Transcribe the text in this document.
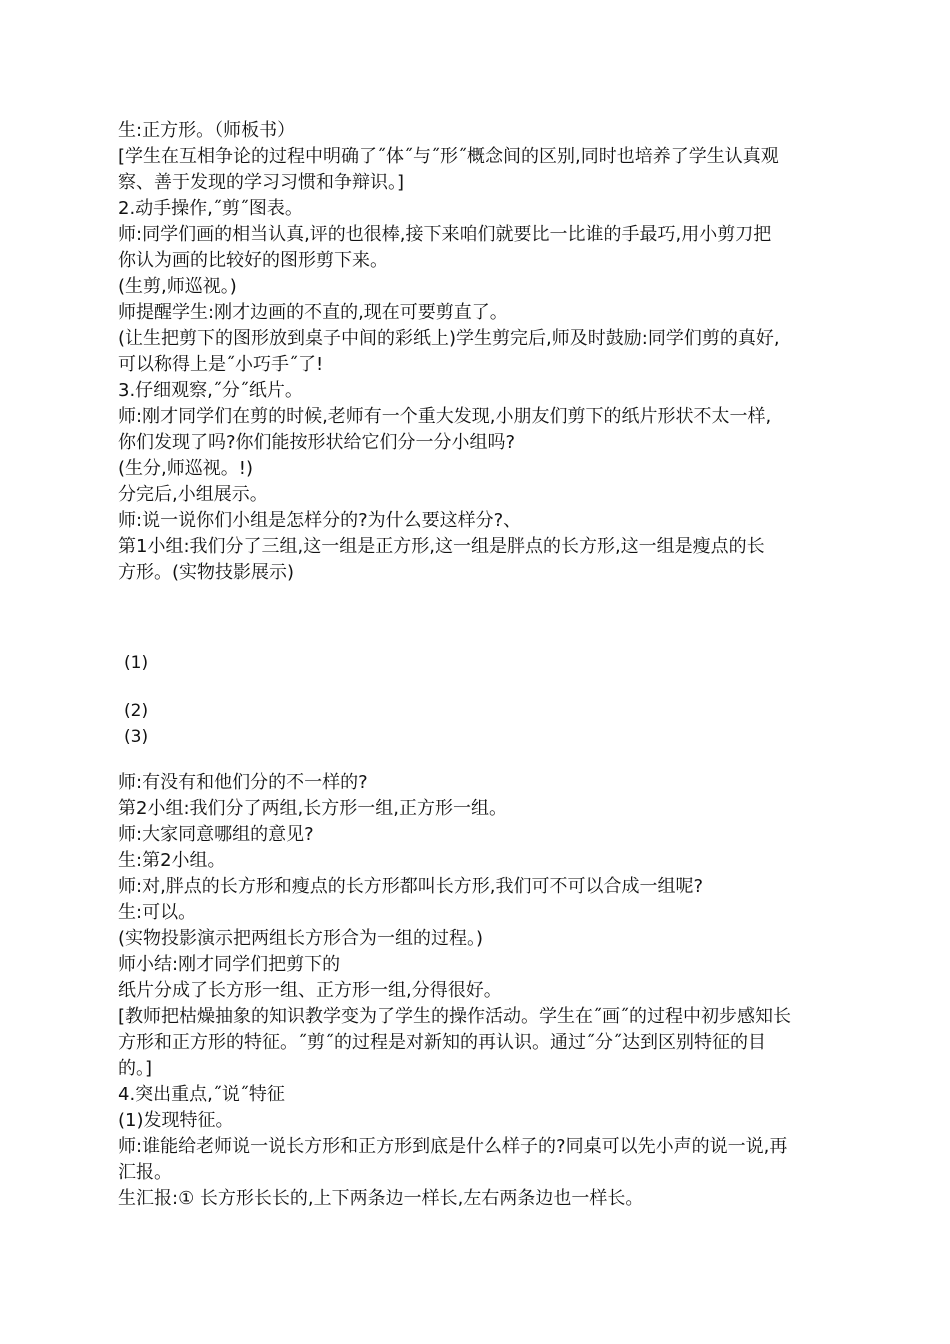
生:正方形。（师板书）
[学生在互相争论的过程中明确了˝体˝与˝形˝概念间的区别,同时也培养了学生认真观
察、善于发现的学习习惯和争辩识。]
2.动手操作,˝剪˝图表。
师:同学们画的相当认真,评的也很棒,接下来咱们就要比一比谁的手最巧,用小剪刀把
你认为画的比较好的图形剪下来。
(生剪,师巡视。)
师提醒学生:刚才边画的不直的,现在可要剪直了。
(让生把剪下的图形放到桌子中间的彩纸上)学生剪完后,师及时鼓励:同学们剪的真好,
可以称得上是˝小巧手˝了!
3.仔细观察,˝分˝纸片。
师:刚才同学们在剪的时候,老师有一个重大发现,小朋友们剪下的纸片形状不太一样,
你们发现了吗?你们能按形状给它们分一分小组吗?
(生分,师巡视。!)
分完后,小组展示。
师:说一说你们小组是怎样分的?为什么要这样分?、
第1小组:我们分了三组,这一组是正方形,这一组是胖点的长方形,这一组是瘦点的长
方形。(实物技影展示)
(1)
(2)
(3)
师:有没有和他们分的不一样的?
第2小组:我们分了两组,长方形一组,正方形一组。
师:大家同意哪组的意见?
生:第2小组。
师:对,胖点的长方形和瘦点的长方形都叫长方形,我们可不可以合成一组呢?
生:可以。
(实物投影演示把两组长方形合为一组的过程。)
师小结:刚才同学们把剪下的
纸片分成了长方形一组、正方形一组,分得很好。
[教师把枯燥抽象的知识教学变为了学生的操作活动。学生在˝画˝的过程中初步感知长
方形和正方形的特征。˝剪˝的过程是对新知的再认识。通过˝分˝达到区别特征的目
的。]
4.突出重点,˝说˝特征
(1)发现特征。
师:谁能给老师说一说长方形和正方形到底是什么样子的?同桌可以先小声的说一说,再
汇报。
生汇报:① 长方形长长的,上下两条边一样长,左右两条边也一样长。
